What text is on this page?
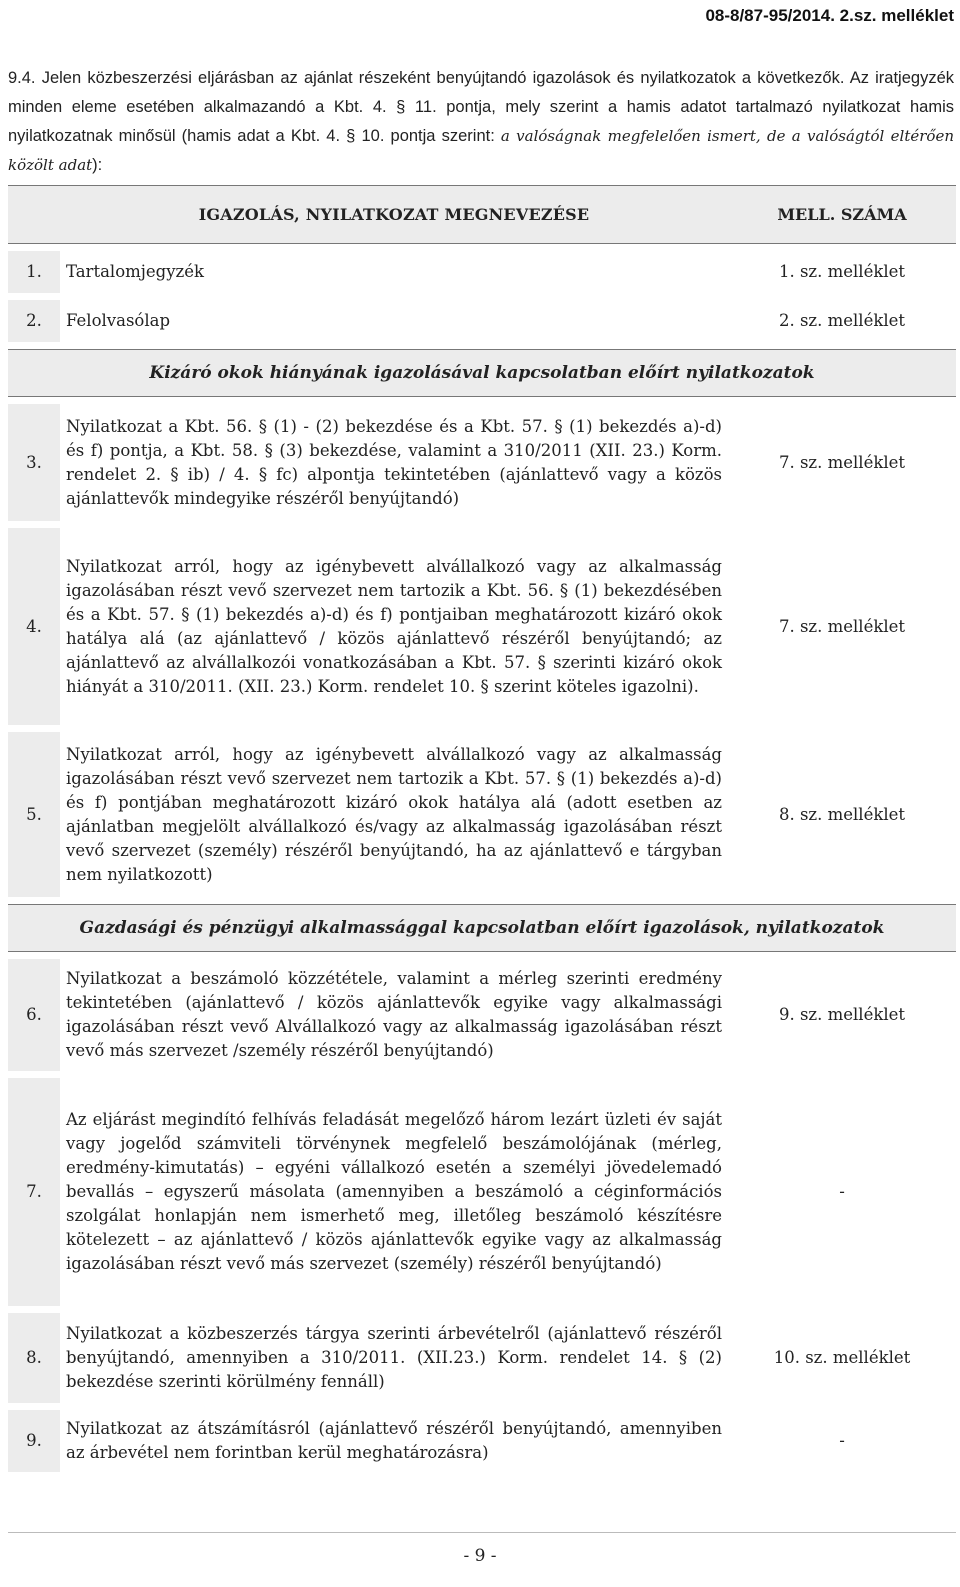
08-8/87-95/2014. 2.sz. melléklet
9.4. Jelen közbeszerzési eljárásban az ajánlat részeként benyújtandó igazolások és nyilatkozatok a következők. Az iratjegyzék minden eleme esetében alkalmazandó a Kbt. 4. § 11. pontja, mely szerint a hamis adatot tartalmazó nyilatkozat hamis nyilatkozatnak minősül (hamis adat a Kbt. 4. § 10. pontja szerint: a valóságnak megfelelően ismert, de a valóságtól eltérően közölt adat):
	IGAZOLÁS, NYILATKOZAT MEGNEVEZÉSE	MELL. SZÁMA

1.	Tartalomjegyzék	1. sz. melléklet

2.	Felolvasólap	2. sz. melléklet

Kizáró okok hiányának igazolásával kapcsolatban előírt nyilatkozatok		

3.	Nyilatkozat a Kbt. 56. § (1) - (2) bekezdése és a Kbt. 57. § (1) bekezdés a)-d) és f) pontja, a Kbt. 58. § (3) bekezdése, valamint a 310/2011 (XII. 23.) Korm. rendelet 2. § ib) / 4. § fc) alpontja tekintetében (ajánlattevő vagy a közös ajánlattevők mindegyike részéről benyújtandó)	7. sz. melléklet

4.	Nyilatkozat arról, hogy az igénybevett alvállalkozó vagy az alkalmasság igazolásában részt vevő szervezet nem tartozik a Kbt. 56. § (1) bekezdésében és a Kbt. 57. § (1) bekezdés a)-d) és f) pontjaiban meghatározott kizáró okok hatálya alá (az ajánlattevő / közös ajánlattevő részéről benyújtandó; az ajánlattevő az alvállalkozói vonatkozásában a Kbt. 57. § szerinti kizáró okok hiányát a 310/2011. (XII. 23.) Korm. rendelet 10. § szerint köteles igazolni).	7. sz. melléklet

5.	Nyilatkozat arról, hogy az igénybevett alvállalkozó vagy az alkalmasság igazolásában részt vevő szervezet nem tartozik a Kbt. 57. § (1) bekezdés a)-d) és f) pontjában meghatározott kizáró okok hatálya alá (adott esetben az ajánlatban megjelölt alvállalkozó és/vagy az alkalmasság igazolásában részt vevő szervezet (személy) részéről benyújtandó, ha az ajánlattevő e tárgyban nem nyilatkozott)	8. sz. melléklet

Gazdasági és pénzügyi alkalmassággal kapcsolatban előírt igazolások, nyilatkozatok		

6.	Nyilatkozat a beszámoló közzététele, valamint a mérleg szerinti eredmény tekintetében (ajánlattevő / közös ajánlattevők egyike vagy alkalmassági igazolásában részt vevő Alvállalkozó vagy az alkalmasság igazolásában részt vevő más szervezet /személy részéről benyújtandó)	9. sz. melléklet

7.	Az eljárást megindító felhívás feladását megelőző három lezárt üzleti év saját vagy jogelőd számviteli törvénynek megfelelő beszámolójának (mérleg, eredmény-kimutatás) – egyéni vállalkozó esetén a személyi jövedelemadó bevallás – egyszerű másolata (amennyiben a beszámoló a céginformációs szolgálat honlapján nem ismerhető meg, illetőleg beszámoló készítésre kötelezett – az ajánlattevő / közös ajánlattevők egyike vagy az alkalmasság igazolásában részt vevő más szervezet (személy) részéről benyújtandó)	-

8.	Nyilatkozat a közbeszerzés tárgya szerinti árbevételről (ajánlattevő részéről benyújtandó, amennyiben a 310/2011. (XII.23.) Korm. rendelet 14. § (2) bekezdése szerinti körülmény fennáll)	10. sz. melléklet

9.	Nyilatkozat az átszámításról (ajánlattevő részéről benyújtandó, amennyiben az árbevétel nem forintban kerül meghatározásra)	-
- 9 -
